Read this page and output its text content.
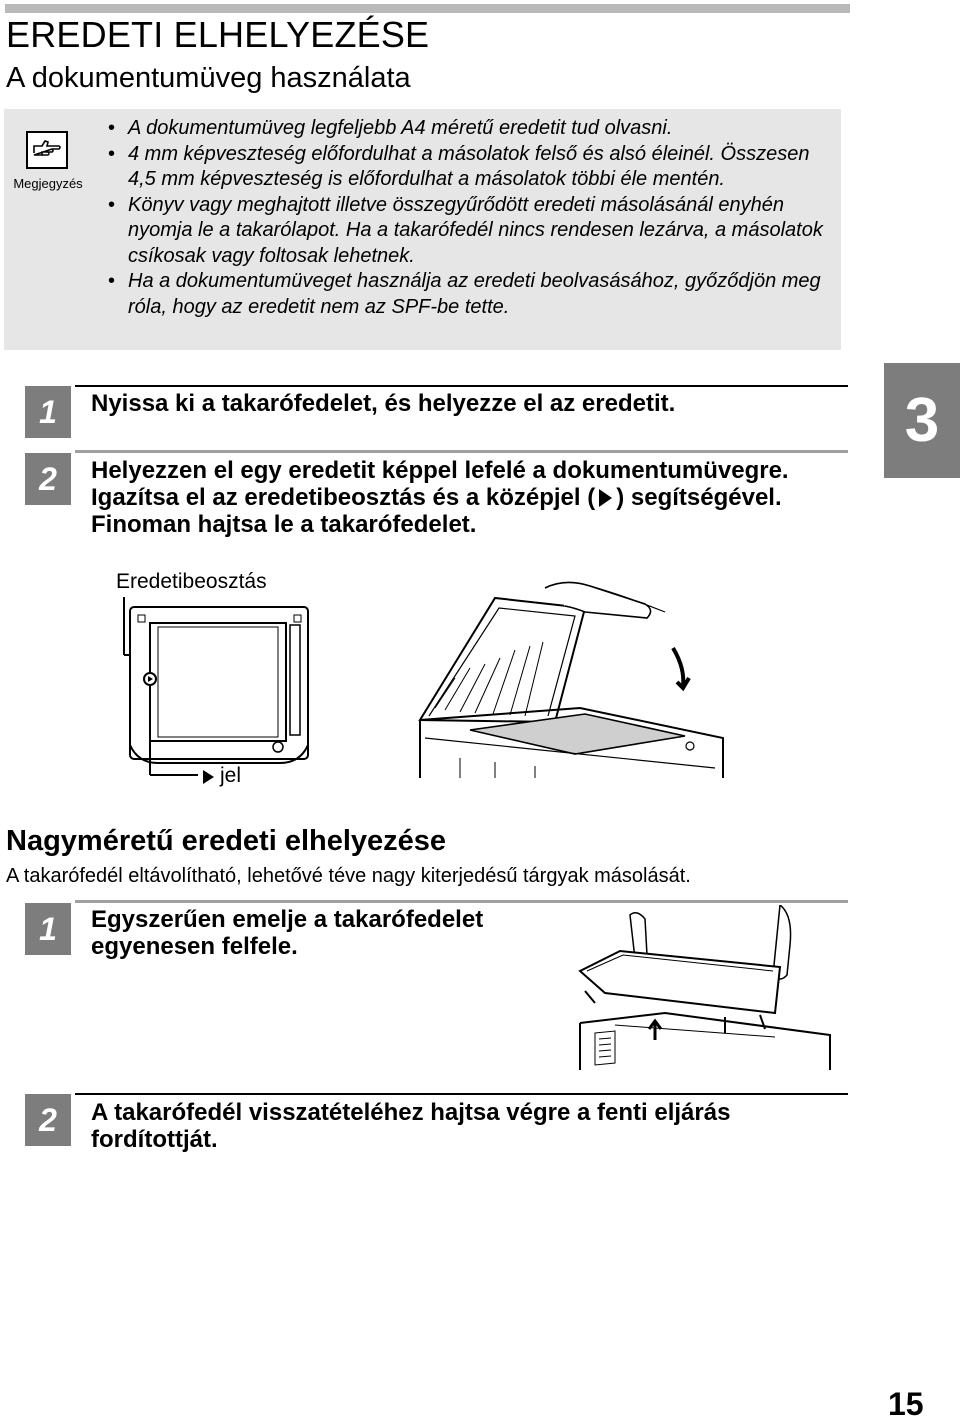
EREDETI ELHELYEZÉSE
A dokumentumüveg használata
Megjegyzés
• A dokumentumüveg legfeljebb A4 méretű eredetit tud olvasni.
• 4 mm képveszteség előfordulhat a másolatok felső és alsó éleinél. Összesen 4,5 mm képveszteség is előfordulhat a másolatok többi éle mentén.
• Könyv vagy meghajtott illetve összegyűrődött eredeti másolásánál enyhén nyomja le a takarólapot. Ha a takarófedél nincs rendesen lezárva, a másolatok csíkosak vagy foltosak lehetnek.
• Ha a dokumentumüveget használja az eredeti beolvasásához, győződjön meg róla, hogy az eredetit nem az SPF-be tette.
3
1	Nyissa ki a takarófedelet, és helyezze el az eredetit.
2	Helyezzen el egy eredetit képpel lefelé a dokumentumüvegre.
Igazítsa el az eredetibeosztás és a középjel ( ) segítségével.
Finoman hajtsa le a takarófedelet.
Eredetibeosztás
jel
Nagyméretű eredeti elhelyezése
A takarófedél eltávolítható, lehetővé téve nagy kiterjedésű tárgyak másolását.
1	Egyszerűen emelje a takarófedelet
egyenesen felfele.
2	A takarófedél visszatételéhez hajtsa végre a fenti eljárás
fordítottját.
15
